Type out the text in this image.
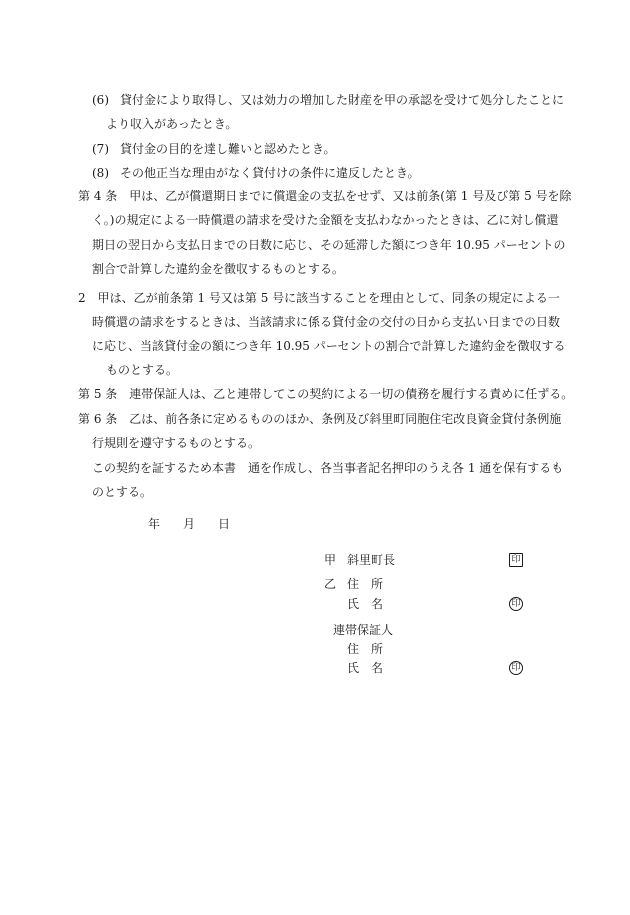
(6) 貸付金により取得し、又は効力の増加した財産を甲の承認を受けて処分したことに
より収入があったとき。
(7) 貸付金の目的を達し難いと認めたとき。
(8) その他正当な理由がなく貸付けの条件に違反したとき。
第 4 条　甲は、乙が償還期日までに償還金の支払をせず、又は前条(第 1 号及び第 5 号を除
く。)の規定による一時償還の請求を受けた金額を支払わなかったときは、乙に対し償還
期日の翌日から支払日までの日数に応じ、その延滞した額につき年 10.95 パーセントの
割合で計算した違約金を徴収するものとする。
2　甲は、乙が前条第 1 号又は第 5 号に該当することを理由として、同条の規定による一
時償還の請求をするときは、当該請求に係る貸付金の交付の日から支払い日までの日数
に応じ、当該貸付金の額につき年 10.95 パーセントの割合で計算した違約金を徴収する
ものとする。
第 5 条　連帯保証人は、乙と連帯してこの契約による一切の債務を履行する責めに任ずる。
第 6 条　乙は、前各条に定めるもののほか、条例及び斜里町同胞住宅改良資金貸付条例施
行規則を遵守するものとする。
この契約を証するため本書　通を作成し、各当事者記名押印のうえ各 1 通を保有するも
のとする。
年 月 日
甲 斜里町長	印
乙 住　所
氏　名	印
連帯保証人
住　所
氏　名	印
